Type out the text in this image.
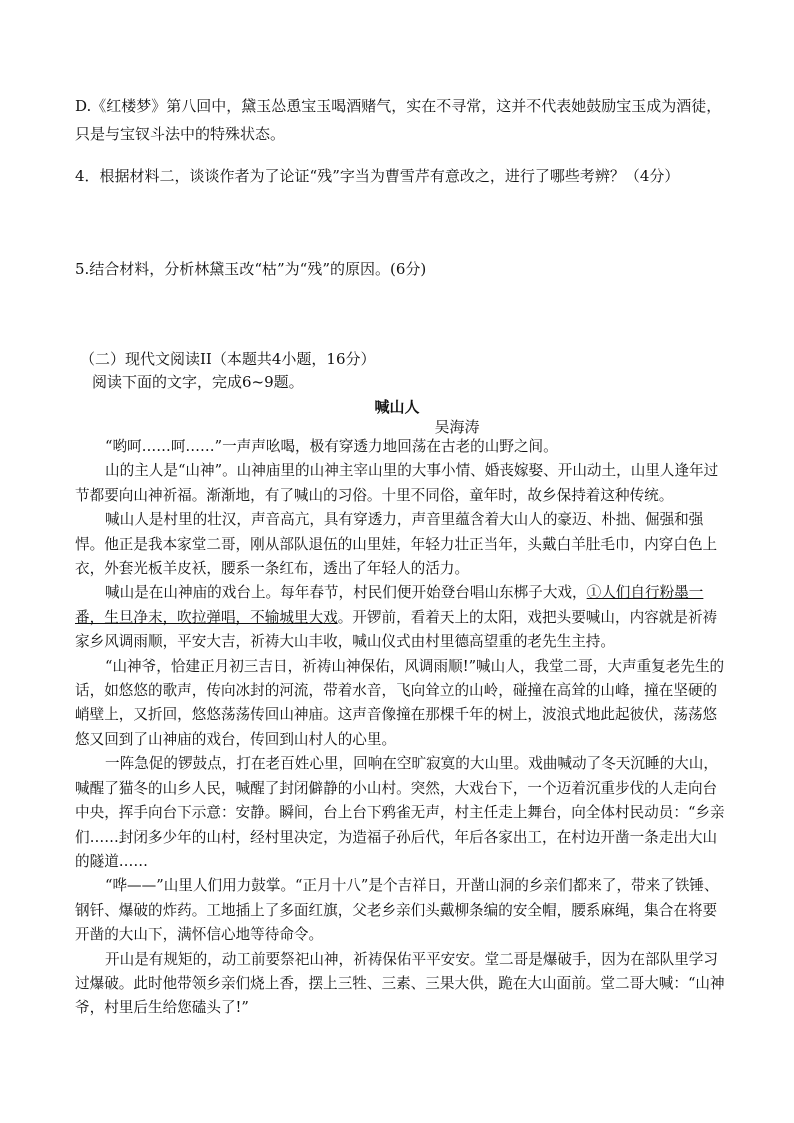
D.《红楼梦》第八回中，黛玉怂恿宝玉喝酒赌气，实在不寻常，这并不代表她鼓励宝玉成为酒徒，只是与宝钗斗法中的特殊状态。

4．根据材料二，谈谈作者为了论证“残”字当为曹雪芹有意改之，进行了哪些考辨？（4分）

5.结合材料，分析林黛玉改“枯”为“残”的原因。(6分)

（二）现代文阅读II（本题共4小题，16分）

阅读下面的文字，完成6~9题。

喊山人
吴海涛

“哟呵……呵……”一声声吆喝，极有穿透力地回荡在古老的山野之间。

山的主人是“山神”。山神庙里的山神主宰山里的大事小情、婚丧嫁娶、开山动土，山里人逢年过节都要向山神祈福。渐渐地，有了喊山的习俗。十里不同俗，童年时，故乡保持着这种传统。

喊山人是村里的壮汉，声音高亢，具有穿透力，声音里蕴含着大山人的豪迈、朴拙、倔强和强悍。他正是我本家堂二哥，刚从部队退伍的山里娃，年轻力壮正当年，头戴白羊肚毛巾，内穿白色上衣，外套光板羊皮袄，腰系一条红布，透出了年轻人的活力。

喊山是在山神庙的戏台上。每年春节，村民们便开始登台唱山东梆子大戏，①人们自行粉墨一番，生旦净末，吹拉弹唱，不输城里大戏。开锣前，看着天上的太阳，戏把头要喊山，内容就是祈祷家乡风调雨顺，平安大吉，祈祷大山丰收，喊山仪式由村里德高望重的老先生主持。

“山神爷，恰建正月初三吉日，祈祷山神保佑，风调雨顺!”喊山人，我堂二哥，大声重复老先生的话，如悠悠的歌声，传向冰封的河流，带着水音，飞向耸立的山岭，碰撞在高耸的山峰，撞在坚硬的峭壁上，又折回，悠悠荡荡传回山神庙。这声音像撞在那棵千年的树上，波浪式地此起彼伏，荡荡悠悠又回到了山神庙的戏台，传回到山村人的心里。

一阵急促的锣鼓点，打在老百姓心里，回响在空旷寂寞的大山里。戏曲喊动了冬天沉睡的大山，喊醒了猫冬的山乡人民，喊醒了封闭僻静的小山村。突然，大戏台下，一个迈着沉重步伐的人走向台中央，挥手向台下示意：安静。瞬间，台上台下鸦雀无声，村主任走上舞台，向全体村民动员：“乡亲们……封闭多少年的山村，经村里决定，为造福子孙后代，年后各家出工，在村边开凿一条走出大山的隧道……

“哗——”山里人们用力鼓掌。“正月十八”是个吉祥日，开凿山洞的乡亲们都来了，带来了铁锤、钢钎、爆破的炸药。工地插上了多面红旗，父老乡亲们头戴柳条编的安全帽，腰系麻绳，集合在将要开凿的大山下，满怀信心地等待命令。

开山是有规矩的，动工前要祭祀山神，祈祷保佑平平安安。堂二哥是爆破手，因为在部队里学习过爆破。此时他带领乡亲们烧上香，摆上三牲、三素、三果大供，跪在大山面前。堂二哥大喊：“山神爷，村里后生给您磕头了!”
